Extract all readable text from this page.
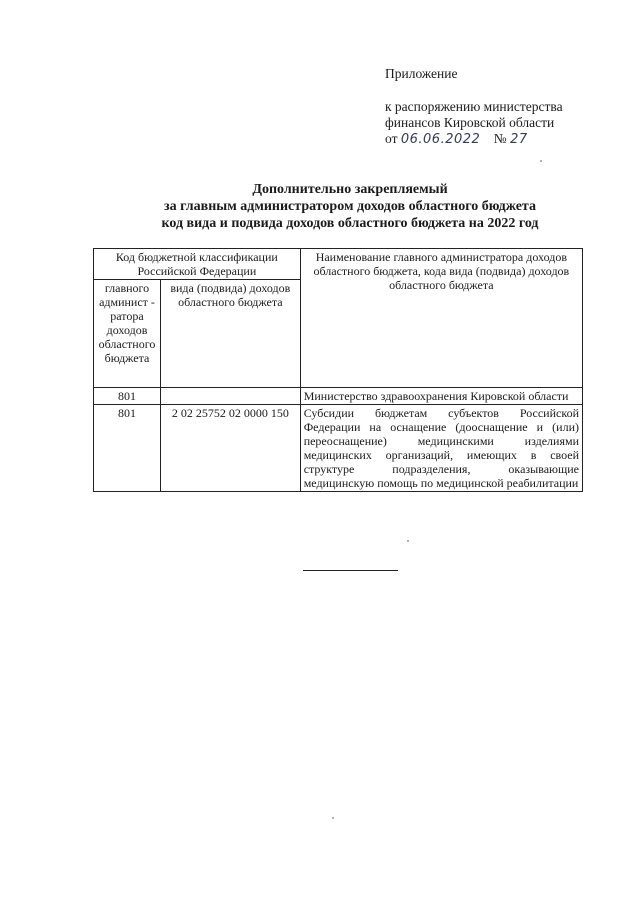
Приложение
к распоряжению министерства
финансов Кировской области
от 06.06.2022 № 27
Дополнительно закрепляемый
за главным администратором доходов областного бюджета
код вида и подвида доходов областного бюджета на 2022 год
Код бюджетной классификации Российской Федерации		Наименование главного администратора доходов областного бюджета, кода вида (подвида) доходов областного бюджета
главного админист - ратора доходов областного бюджета	вида (подвида) доходов областного бюджета	
801		Министерство здравоохранения Кировской области
801	2 02 25752 02 0000 150	Субсидии бюджетам субъектов Российской Федерации на оснащение (дооснащение и (или) переоснащение) медицинскими изделиями медицинских организаций, имеющих в своей структуре подразделения, оказывающие медицинскую помощь по медицинской реабилитации
